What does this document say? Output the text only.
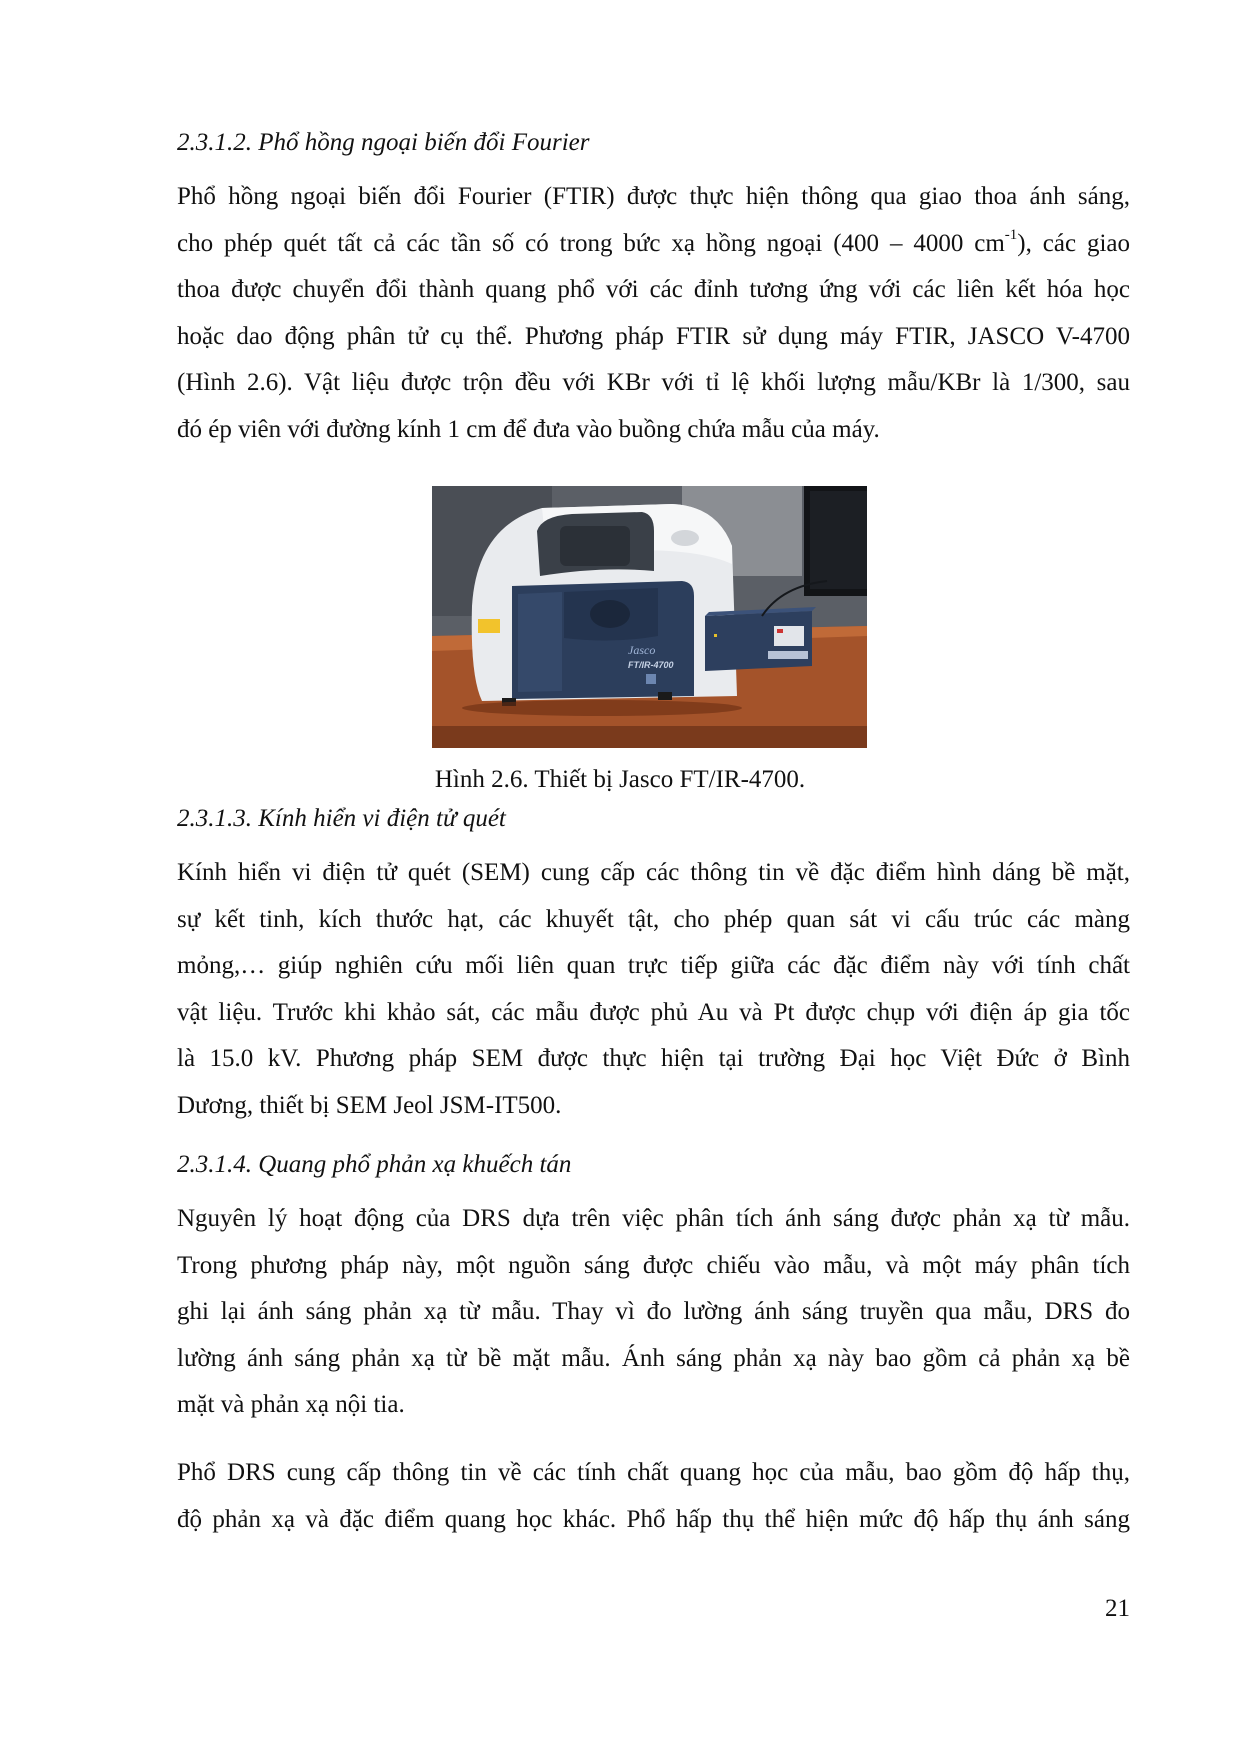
2.3.1.2. Phổ hồng ngoại biến đổi Fourier
Phổ hồng ngoại biến đổi Fourier (FTIR) được thực hiện thông qua giao thoa ánh sáng,
cho phép quét tất cả các tần số có trong bức xạ hồng ngoại (400 – 4000 $cm^{-1}$), các giao
thoa được chuyển đổi thành quang phổ với các đỉnh tương ứng với các liên kết hóa học
hoặc dao động phân tử cụ thể. Phương pháp FTIR sử dụng máy FTIR, JASCO V-4700
(Hình 2.6). Vật liệu được trộn đều với KBr với tỉ lệ khối lượng mẫu/KBr là 1/300, sau
đó ép viên với đường kính 1 cm để đưa vào buồng chứa mẫu của máy.
Jasco
FT/IR-4700

Hình 2.6. Thiết bị Jasco FT/IR-4700.

2.3.1.3. Kính hiển vi điện tử quét
Kính hiển vi điện tử quét (SEM) cung cấp các thông tin về đặc điểm hình dáng bề mặt,
sự kết tinh, kích thước hạt, các khuyết tật, cho phép quan sát vi cấu trúc các màng
mỏng,… giúp nghiên cứu mối liên quan trực tiếp giữa các đặc điểm này với tính chất
vật liệu. Trước khi khảo sát, các mẫu được phủ Au và Pt được chụp với điện áp gia tốc
là 15.0 kV. Phương pháp SEM được thực hiện tại trường Đại học Việt Đức ở Bình
Dương, thiết bị SEM Jeol JSM-IT500.
2.3.1.4. Quang phổ phản xạ khuếch tán
Nguyên lý hoạt động của DRS dựa trên việc phân tích ánh sáng được phản xạ từ mẫu.
Trong phương pháp này, một nguồn sáng được chiếu vào mẫu, và một máy phân tích
ghi lại ánh sáng phản xạ từ mẫu. Thay vì đo lường ánh sáng truyền qua mẫu, DRS đo
lường ánh sáng phản xạ từ bề mặt mẫu. Ánh sáng phản xạ này bao gồm cả phản xạ bề
mặt và phản xạ nội tia.
Phổ DRS cung cấp thông tin về các tính chất quang học của mẫu, bao gồm độ hấp thụ,
độ phản xạ và đặc điểm quang học khác. Phổ hấp thụ thể hiện mức độ hấp thụ ánh sáng

21
